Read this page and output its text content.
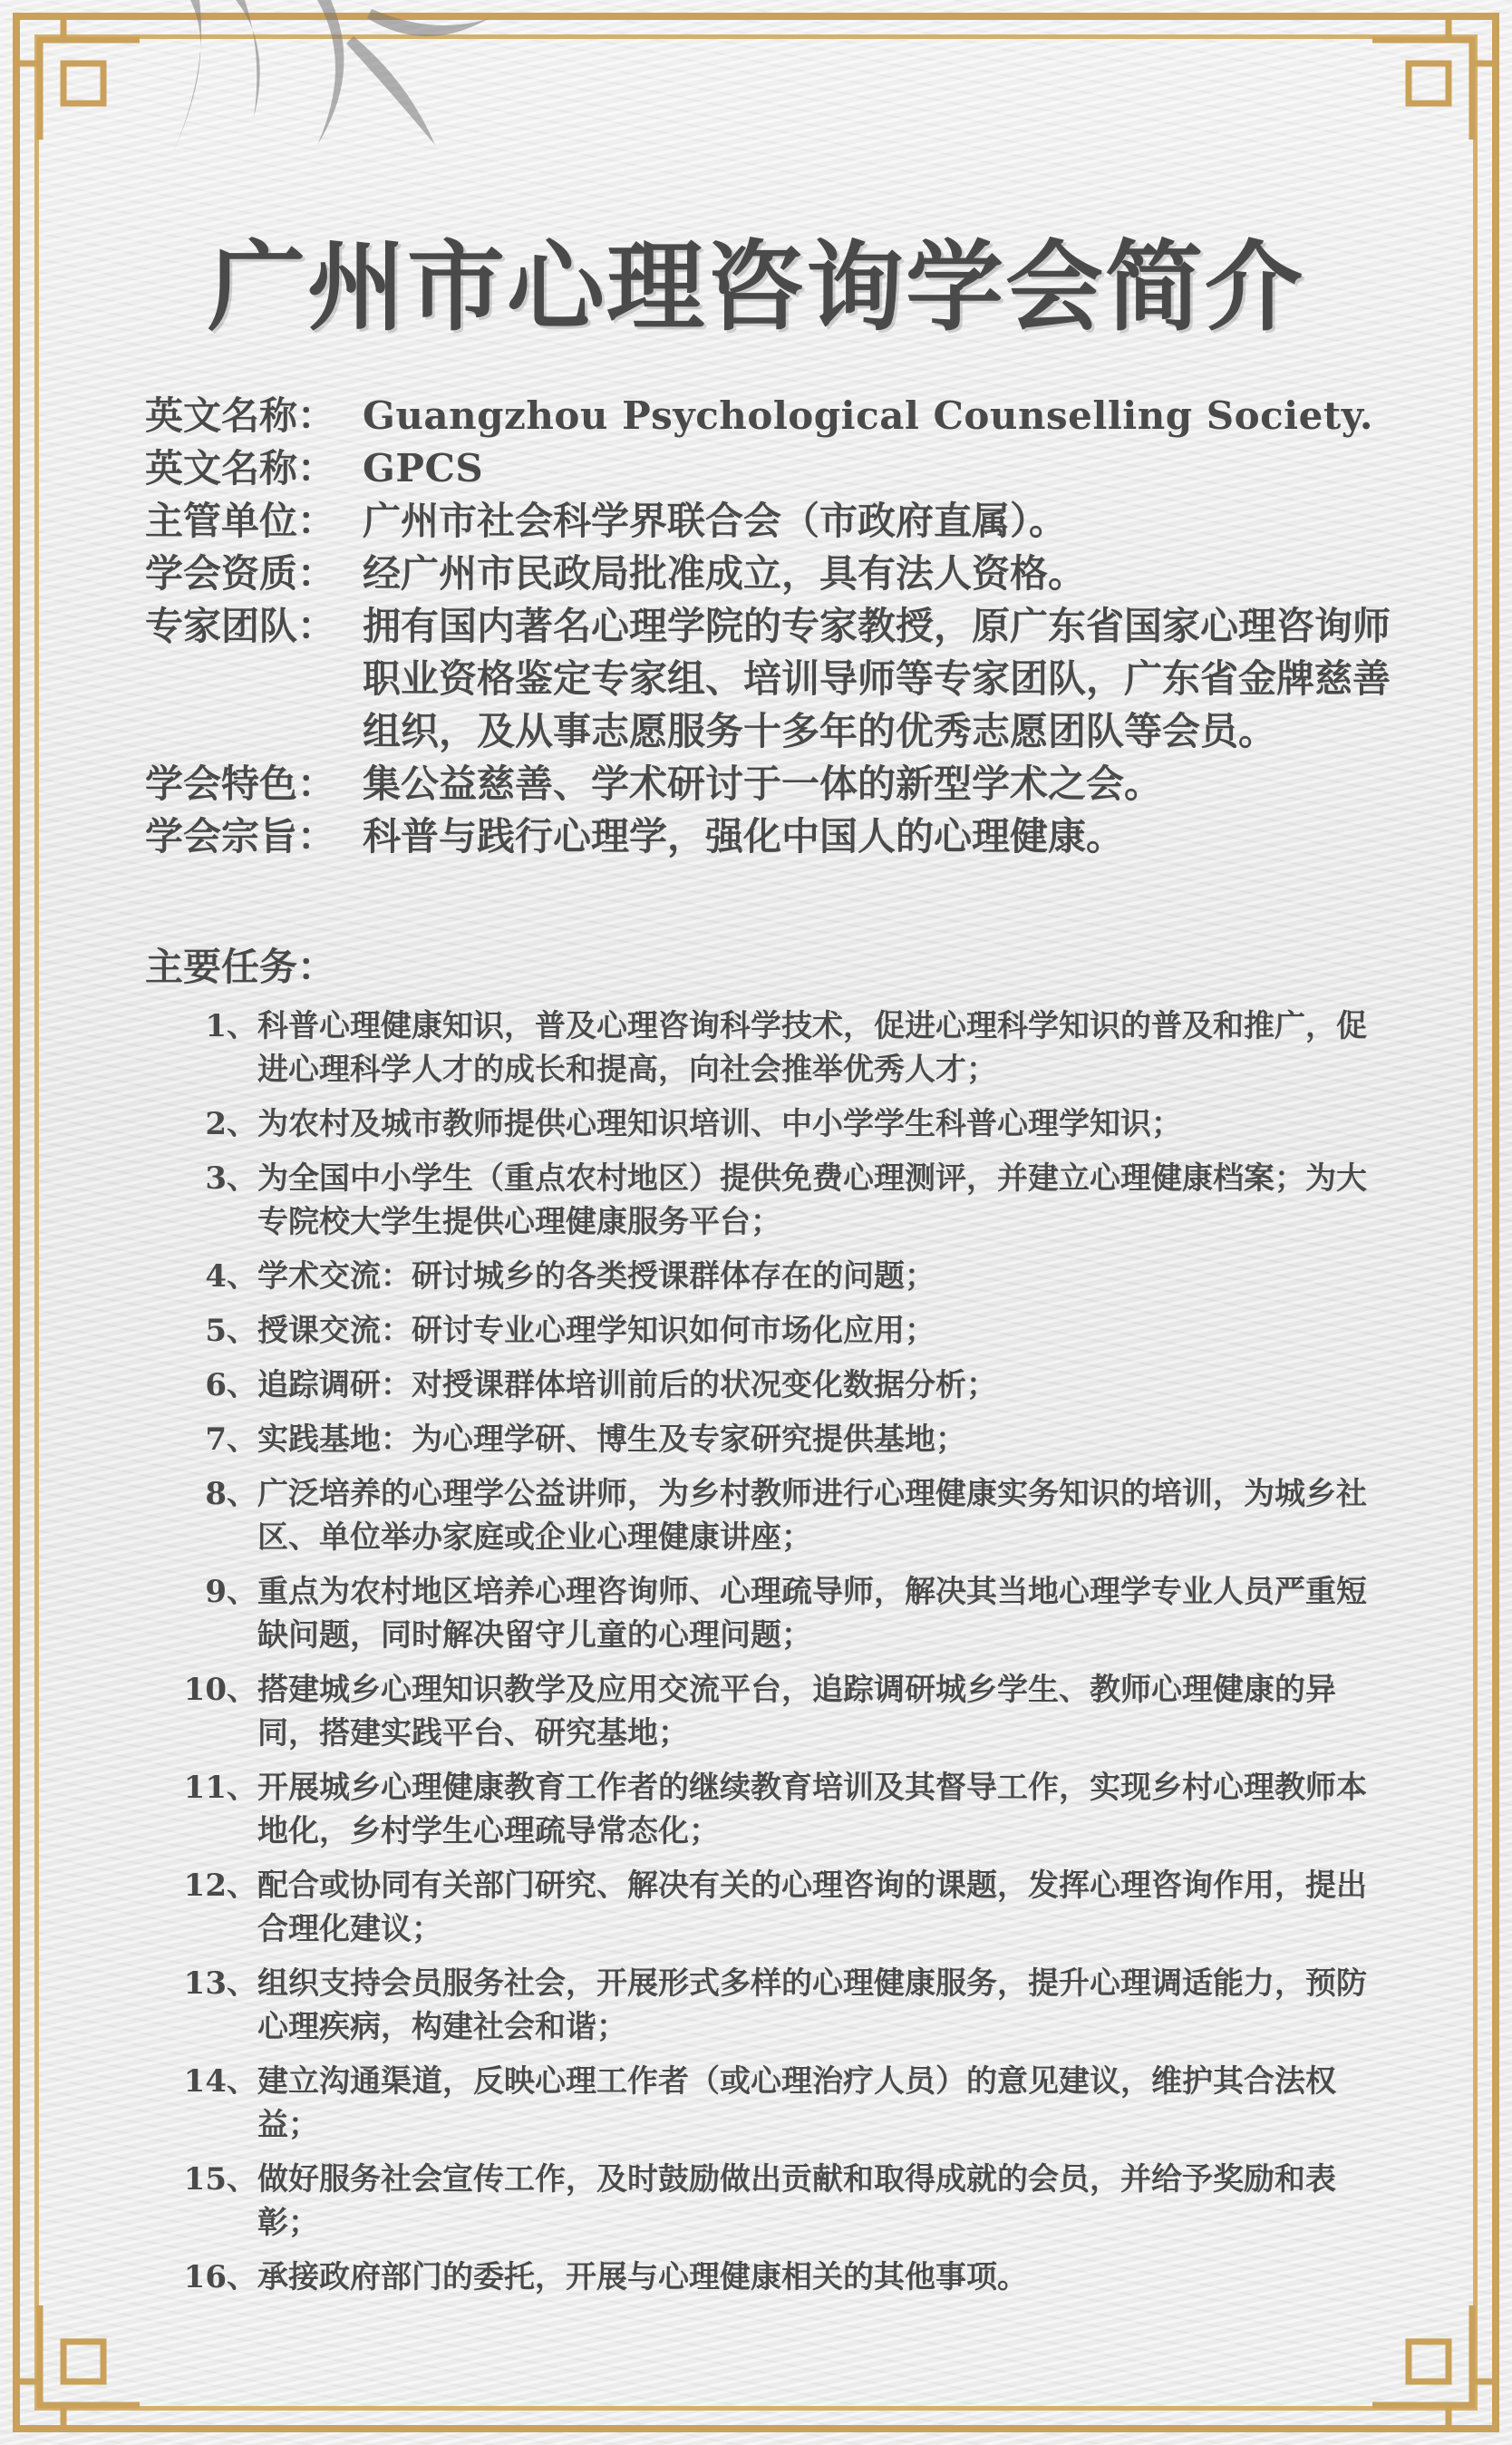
广州市心理咨询学会简介
英文名称： Guangzhou Psychological Counselling Society.
英文名称： GPCS
主管单位： 广州市社会科学界联合会（市政府直属）。
学会资质： 经广州市民政局批准成立，具有法人资格。
专家团队： 拥有国内著名心理学院的专家教授，原广东省国家心理咨询师职业资格鉴定专家组、培训导师等专家团队，广东省金牌慈善组织，及从事志愿服务十多年的优秀志愿团队等会员。
学会特色： 集公益慈善、学术研讨于一体的新型学术之会。
学会宗旨： 科普与践行心理学，强化中国人的心理健康。
主要任务：
1、 科普心理健康知识，普及心理咨询科学技术，促进心理科学知识的普及和推广，促进心理科学人才的成长和提高，向社会推举优秀人才；
2、 为农村及城市教师提供心理知识培训、中小学学生科普心理学知识；
3、 为全国中小学生（重点农村地区）提供免费心理测评，并建立心理健康档案；为大专院校大学生提供心理健康服务平台；
4、 学术交流：研讨城乡的各类授课群体存在的问题；
5、 授课交流：研讨专业心理学知识如何市场化应用；
6、 追踪调研：对授课群体培训前后的状况变化数据分析；
7、 实践基地：为心理学研、博生及专家研究提供基地；
8、 广泛培养的心理学公益讲师，为乡村教师进行心理健康实务知识的培训，为城乡社区、单位举办家庭或企业心理健康讲座；
9、 重点为农村地区培养心理咨询师、心理疏导师，解决其当地心理学专业人员严重短缺问题，同时解决留守儿童的心理问题；
10、 搭建城乡心理知识教学及应用交流平台，追踪调研城乡学生、教师心理健康的异同，搭建实践平台、研究基地；
11、 开展城乡心理健康教育工作者的继续教育培训及其督导工作，实现乡村心理教师本地化，乡村学生心理疏导常态化；
12、 配合或协同有关部门研究、解决有关的心理咨询的课题，发挥心理咨询作用，提出合理化建议；
13、 组织支持会员服务社会，开展形式多样的心理健康服务，提升心理调适能力，预防心理疾病，构建社会和谐；
14、 建立沟通渠道，反映心理工作者（或心理治疗人员）的意见建议，维护其合法权益；
15、 做好服务社会宣传工作，及时鼓励做出贡献和取得成就的会员，并给予奖励和表彰；
16、 承接政府部门的委托，开展与心理健康相关的其他事项。
